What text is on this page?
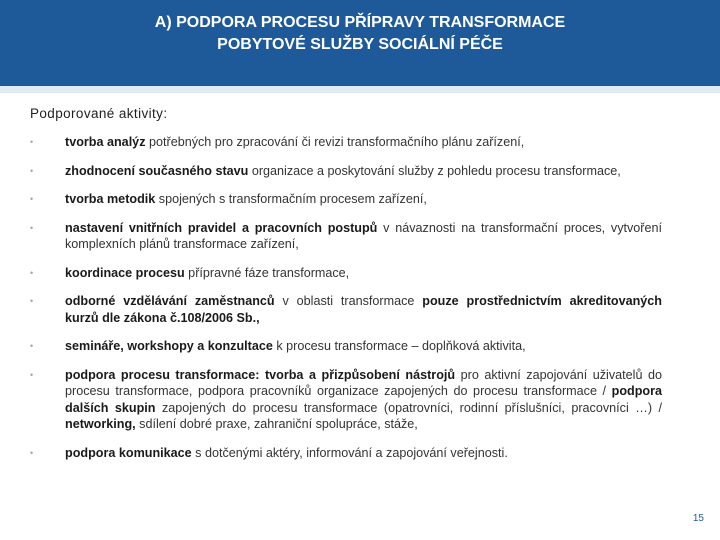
A) PODPORA PROCESU PŘÍPRAVY TRANSFORMACE
POBYTOVÉ SLUŽBY SOCIÁLNÍ PÉČE
Podporované aktivity:
•	tvorba analýz potřebných pro zpracování či revizi transformačního plánu zařízení,
•	zhodnocení současného stavu organizace a poskytování služby z pohledu procesu transformace,
•	tvorba metodik spojených s transformačním procesem zařízení,
•	nastavení vnitřních pravidel a pracovních postupů v návaznosti na transformační proces, vytvoření komplexních plánů transformace zařízení,
•	koordinace procesu přípravné fáze transformace,
•	odborné vzdělávání zaměstnanců v oblasti transformace pouze prostřednictvím akreditovaných kurzů dle zákona č.108/2006 Sb.,
•	semináře, workshopy a konzultace k procesu transformace – doplňková aktivita,
•	podpora procesu transformace: tvorba a přizpůsobení nástrojů pro aktivní zapojování uživatelů do procesu transformace, podpora pracovníků organizace zapojených do procesu transformace / podpora dalších skupin zapojených do procesu transformace (opatrovníci, rodinní příslušníci, pracovníci …) / networking, sdílení dobré praxe, zahraniční spolupráce, stáže,
•	podpora komunikace s dotčenými aktéry, informování a zapojování veřejnosti.
15
